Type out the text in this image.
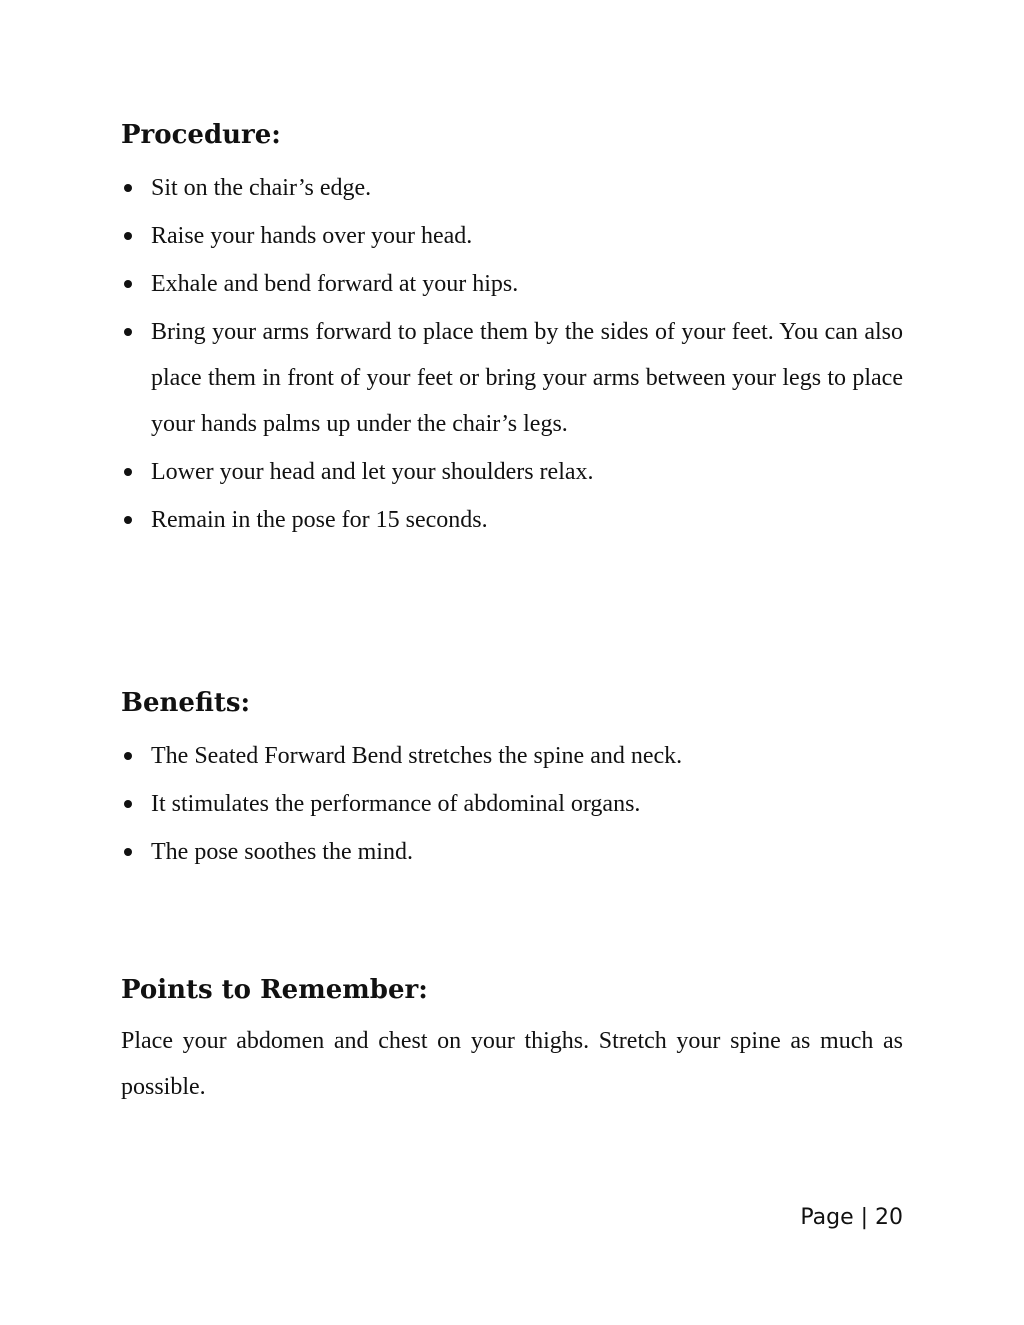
Procedure:
Sit on the chair’s edge.
Raise your hands over your head.
Exhale and bend forward at your hips.
Bring your arms forward to place them by the sides of your feet. You can also place them in front of your feet or bring your arms between your legs to place your hands palms up under the chair’s legs.
Lower your head and let your shoulders relax.
Remain in the pose for 15 seconds.
Benefits:
The Seated Forward Bend stretches the spine and neck.
It stimulates the performance of abdominal organs.
The pose soothes the mind.
Points to Remember:

Place your abdomen and chest on your thighs. Stretch your spine as much as possible.

Page | 20
